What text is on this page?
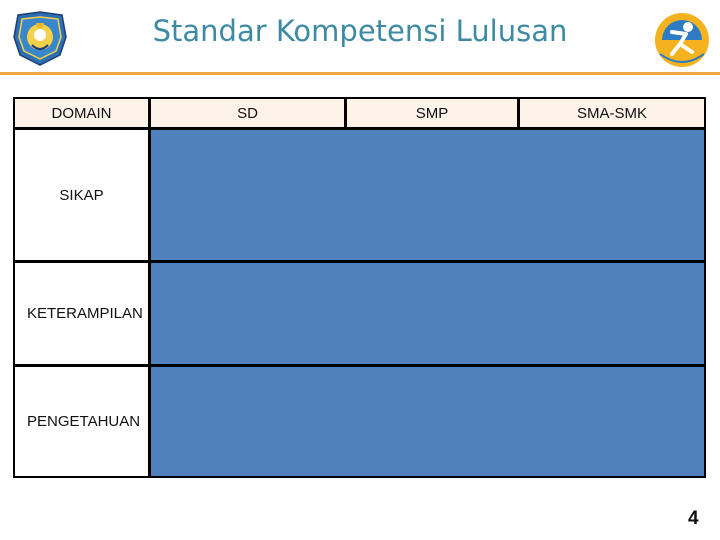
Standar Kompetensi Lulusan
DOMAIN	SD	SMP	SMA-SMK
SIKAP
KETERAMPILAN
PENGETAHUAN
4
